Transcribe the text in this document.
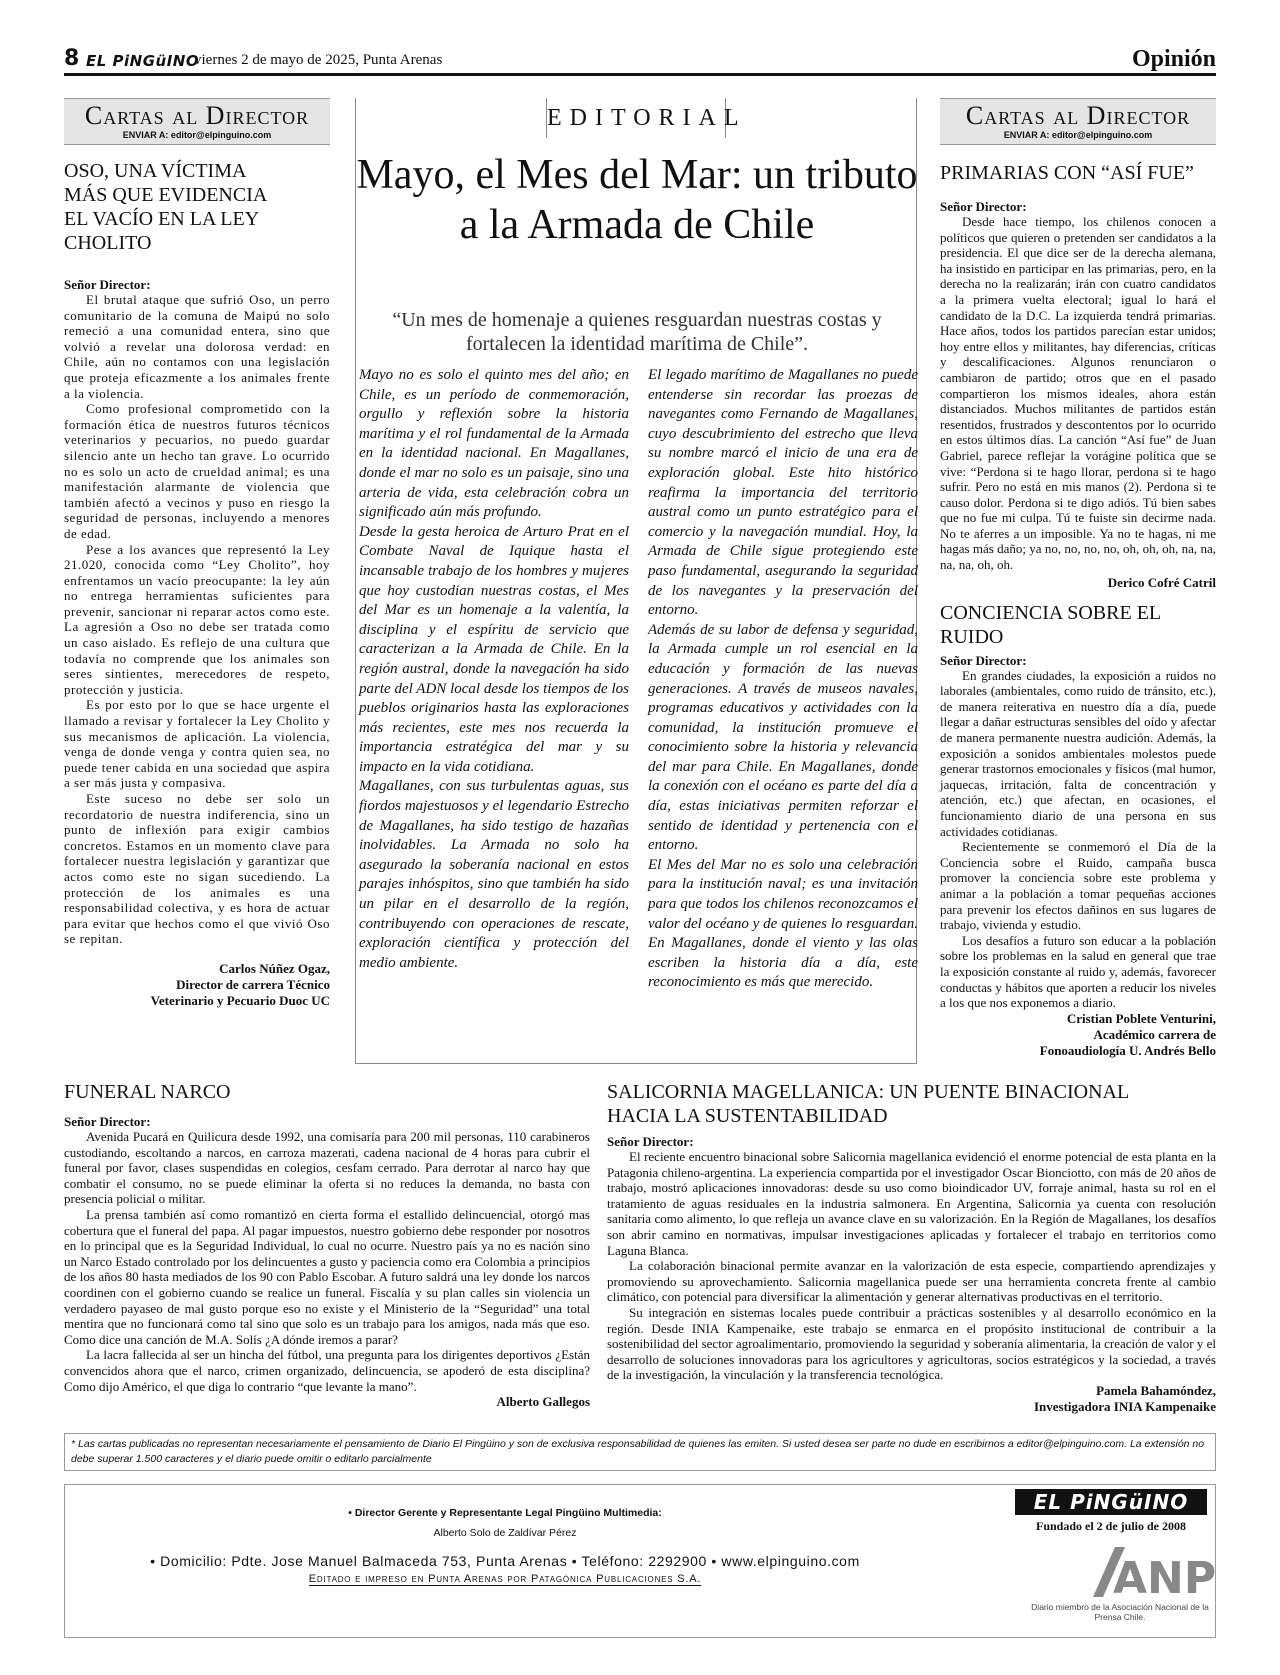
8 EL PiNGüINO
viernes 2 de mayo de 2025, Punta Arenas	Opinión
Cartas al Director
ENVIAR A: editor@elpinguino.com
OSO, UNA VÍCTIMA MÁS QUE EVIDENCIA EL VACÍO EN LA LEY CHOLITO
Señor Director:

El brutal ataque que sufrió Oso, un perro comunitario de la comuna de Maipú no solo remeció a una comunidad entera, sino que volvió a revelar una dolorosa verdad: en Chile, aún no contamos con una legislación que proteja eficazmente a los animales frente a la violencia.

Como profesional comprometido con la formación ética de nuestros futuros técnicos veterinarios y pecuarios, no puedo guardar silencio ante un hecho tan grave. Lo ocurrido no es solo un acto de crueldad animal; es una manifestación alarmante de violencia que también afectó a vecinos y puso en riesgo la seguridad de personas, incluyendo a menores de edad.

Pese a los avances que representó la Ley 21.020, conocida como “Ley Cholito”, hoy enfrentamos un vacío preocupante: la ley aún no entrega herramientas suficientes para prevenir, sancionar ni reparar actos como este. La agresión a Oso no debe ser tratada como un caso aislado. Es reflejo de una cultura que todavía no comprende que los animales son seres sintientes, merecedores de respeto, protección y justicia.

Es por esto por lo que se hace urgente el llamado a revisar y fortalecer la Ley Cholito y sus mecanismos de aplicación. La violencia, venga de donde venga y contra quien sea, no puede tener cabida en una sociedad que aspira a ser más justa y compasiva.

Este suceso no debe ser solo un recordatorio de nuestra indiferencia, sino un punto de inflexión para exigir cambios concretos. Estamos en un momento clave para fortalecer nuestra legislación y garantizar que actos como este no sigan sucediendo. La protección de los animales es una responsabilidad colectiva, y es hora de actuar para evitar que hechos como el que vivió Oso se repitan.

Carlos Núñez Ogaz,
Director de carrera Técnico
Veterinario y Pecuario Duoc UC
EDITORIAL
Mayo, el Mes del Mar: un tributo a la Armada de Chile
“Un mes de homenaje a quienes resguardan nuestras costas y fortalecen la identidad marítima de Chile”.

Mayo no es solo el quinto mes del año; en Chile, es un período de conmemoración, orgullo y reflexión sobre la historia marítima y el rol fundamental de la Armada en la identidad nacional. En Magallanes, donde el mar no solo es un paisaje, sino una arteria de vida, esta celebración cobra un significado aún más profundo.

Desde la gesta heroica de Arturo Prat en el Combate Naval de Iquique hasta el incansable trabajo de los hombres y mujeres que hoy custodian nuestras costas, el Mes del Mar es un homenaje a la valentía, la disciplina y el espíritu de servicio que caracterizan a la Armada de Chile. En la región austral, donde la navegación ha sido parte del ADN local desde los tiempos de los pueblos originarios hasta las exploraciones más recientes, este mes nos recuerda la importancia estratégica del mar y su impacto en la vida cotidiana.

Magallanes, con sus turbulentas aguas, sus fiordos majestuosos y el legendario Estrecho de Magallanes, ha sido testigo de hazañas inolvidables. La Armada no solo ha asegurado la soberanía nacional en estos parajes inhóspitos, sino que también ha sido un pilar en el desarrollo de la región, contribuyendo con operaciones de rescate, exploración científica y protección del medio ambiente.

El legado marítimo de Magallanes no puede entenderse sin recordar las proezas de navegantes como Fernando de Magallanes, cuyo descubrimiento del estrecho que lleva su nombre marcó el inicio de una era de exploración global. Este hito histórico reafirma la importancia del territorio austral como un punto estratégico para el comercio y la navegación mundial. Hoy, la Armada de Chile sigue protegiendo este paso fundamental, asegurando la seguridad de los navegantes y la preservación del entorno.

Además de su labor de defensa y seguridad, la Armada cumple un rol esencial en la educación y formación de las nuevas generaciones. A través de museos navales, programas educativos y actividades con la comunidad, la institución promueve el conocimiento sobre la historia y relevancia del mar para Chile. En Magallanes, donde la conexión con el océano es parte del día a día, estas iniciativas permiten reforzar el sentido de identidad y pertenencia con el entorno.

El Mes del Mar no es solo una celebración para la institución naval; es una invitación para que todos los chilenos reconozcamos el valor del océano y de quienes lo resguardan. En Magallanes, donde el viento y las olas escriben la historia día a día, este reconocimiento es más que merecido.

Cartas al Director
ENVIAR A: editor@elpinguino.com
PRIMARIAS CON “ASÍ FUE”
Señor Director:

Desde hace tiempo, los chilenos conocen a políticos que quieren o pretenden ser candidatos a la presidencia. El que dice ser de la derecha alemana, ha insistido en participar en las primarias, pero, en la derecha no la realizarán; irán con cuatro candidatos a la primera vuelta electoral; igual lo hará el candidato de la D.C. La izquierda tendrá primarias. Hace años, todos los partidos parecían estar unidos; hoy entre ellos y militantes, hay diferencias, críticas y descalificaciones. Algunos renunciaron o cambiaron de partido; otros que en el pasado compartieron los mismos ideales, ahora están distanciados. Muchos militantes de partidos están resentidos, frustrados y descontentos por lo ocurrido en estos últimos días. La canción “Así fue” de Juan Gabriel, parece reflejar la vorágine política que se vive: “Perdona si te hago llorar, perdona si te hago sufrir. Pero no está en mis manos (2). Perdona si te causo dolor. Perdona si te digo adiós. Tú bien sabes que no fue mi culpa. Tú te fuiste sin decirme nada. No te aferres a un imposible. Ya no te hagas, ni me hagas más daño; ya no, no, no, no, oh, oh, oh, na, na, na, na, oh, oh.

Derico Cofré Catril
CONCIENCIA SOBRE EL RUIDO
Señor Director:

En grandes ciudades, la exposición a ruidos no laborales (ambientales, como ruido de tránsito, etc.), de manera reiterativa en nuestro día a día, puede llegar a dañar estructuras sensibles del oído y afectar de manera permanente nuestra audición. Además, la exposición a sonidos ambientales molestos puede generar trastornos emocionales y físicos (mal humor, jaquecas, irritación, falta de concentración y atención, etc.) que afectan, en ocasiones, el funcionamiento diario de una persona en sus actividades cotidianas.

Recientemente se conmemoró el Día de la Conciencia sobre el Ruido, campaña busca promover la conciencia sobre este problema y animar a la población a tomar pequeñas acciones para prevenir los efectos dañinos en sus lugares de trabajo, vivienda y estudio.

Los desafíos a futuro son educar a la población sobre los problemas en la salud en general que trae la exposición constante al ruido y, además, favorecer conductas y hábitos que aporten a reducir los niveles a los que nos exponemos a diario.

Cristian Poblete Venturini,
Académico carrera de
Fonoaudiología U. Andrés Bello
FUNERAL NARCO
Señor Director:

Avenida Pucará en Quilicura desde 1992, una comisaría para 200 mil personas, 110 carabineros custodiando, escoltando a narcos, en carroza mazerati, cadena nacional de 4 horas para cubrir el funeral por favor, clases suspendidas en colegios, cesfam cerrado. Para derrotar al narco hay que combatir el consumo, no se puede eliminar la oferta si no reduces la demanda, no basta con presencia policial o militar.

La prensa también así como romantizó en cierta forma el estallido delincuencial, otorgó mas cobertura que el funeral del papa. Al pagar impuestos, nuestro gobierno debe responder por nosotros en lo principal que es la Seguridad Individual, lo cual no ocurre. Nuestro país ya no es nación sino un Narco Estado controlado por los delincuentes a gusto y paciencia como era Colombia a principios de los años 80 hasta mediados de los 90 con Pablo Escobar. A futuro saldrá una ley donde los narcos coordinen con el gobierno cuando se realice un funeral. Fiscalía y su plan calles sin violencia un verdadero payaseo de mal gusto porque eso no existe y el Ministerio de la “Seguridad” una total mentira que no funcionará como tal sino que solo es un trabajo para los amigos, nada más que eso. Como dice una canción de M.A. Solís ¿A dónde iremos a parar?

La lacra fallecida al ser un hincha del fútbol, una pregunta para los dirigentes deportivos ¿Están convencidos ahora que el narco, crimen organizado, delincuencia, se apoderó de esta disciplina? Como dijo Américo, el que diga lo contrario “que levante la mano”.

Alberto Gallegos
SALICORNIA MAGELLANICA: UN PUENTE BINACIONAL HACIA LA SUSTENTABILIDAD
Señor Director:

El reciente encuentro binacional sobre Salicornia magellanica evidenció el enorme potencial de esta planta en la Patagonia chileno-argentina. La experiencia compartida por el investigador Oscar Bionciotto, con más de 20 años de trabajo, mostró aplicaciones innovadoras: desde su uso como bioindicador UV, forraje animal, hasta su rol en el tratamiento de aguas residuales en la industria salmonera. En Argentina, Salicornia ya cuenta con resolución sanitaria como alimento, lo que refleja un avance clave en su valorización. En la Región de Magallanes, los desafíos son abrir camino en normativas, impulsar investigaciones aplicadas y fortalecer el trabajo en territorios como Laguna Blanca.

La colaboración binacional permite avanzar en la valorización de esta especie, compartiendo aprendizajes y promoviendo su aprovechamiento. Salicornia magellanica puede ser una herramienta concreta frente al cambio climático, con potencial para diversificar la alimentación y generar alternativas productivas en el territorio.

Su integración en sistemas locales puede contribuir a prácticas sostenibles y al desarrollo económico en la región. Desde INIA Kampenaike, este trabajo se enmarca en el propósito institucional de contribuir a la sostenibilidad del sector agroalimentario, promoviendo la seguridad y soberanía alimentaria, la creación de valor y el desarrollo de soluciones innovadoras para los agricultores y agricultoras, socios estratégicos y la sociedad, a través de la investigación, la vinculación y la transferencia tecnológica.

Pamela Bahamóndez,
Investigadora INIA Kampenaike
* Las cartas publicadas no representan necesariamente el pensamiento de Diario El Pingüino y son de exclusiva responsabilidad de quienes las emiten. Si usted desea ser parte no dude en escribirnos a editor@elpinguino.com. La extensión no debe superar 1.500 caracteres y el diario puede omitir o editarlo parcialmente
• Director Gerente y Representante Legal Pingüino Multimedia:
Alberto Solo de Zaldívar Pérez
• Domicilio: Pdte. Jose Manuel Balmaceda 753, Punta Arenas • Teléfono: 2292900 • www.elpinguino.com
Editado e impreso en Punta Arenas por Patagónica Publicaciones S.A.
EL PiNGüINO
Fundado el 2 de julio de 2008
ANP
Diario miembro de la Asociación Nacional de la Prensa Chile.
